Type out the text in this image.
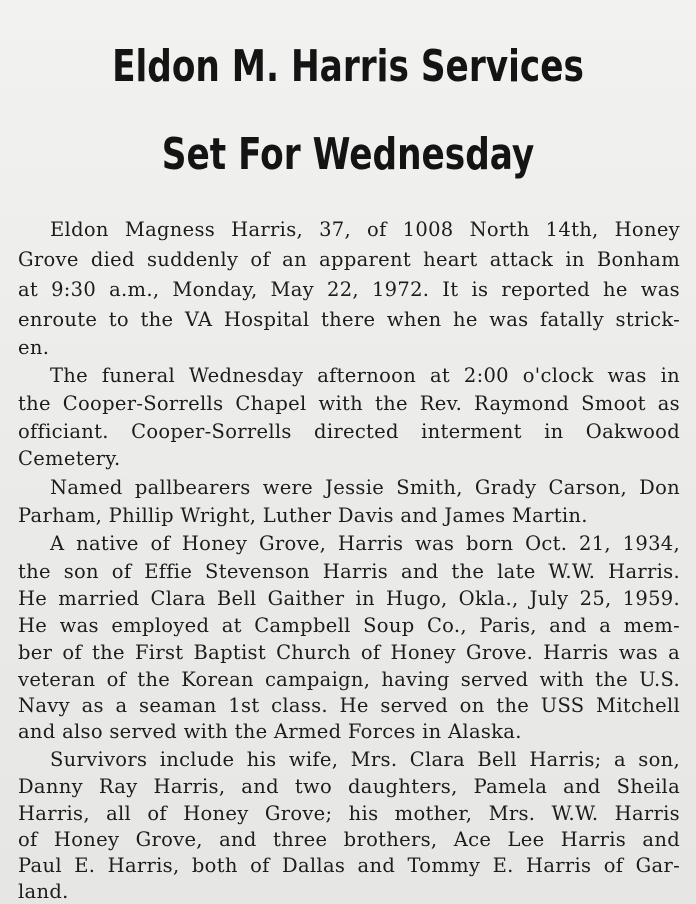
Eldon M. Harris Services
Set For Wednesday
Eldon Magness Harris, 37, of 1008 North 14th, Honey
Grove died suddenly of an apparent heart attack in Bonham
at 9:30 a.m., Monday, May 22, 1972. It is reported he was
enroute to the VA Hospital there when he was fatally strick-
en.
The funeral Wednesday afternoon at 2:00 o'clock was in
the Cooper-Sorrells Chapel with the Rev. Raymond Smoot as
officiant. Cooper-Sorrells directed interment in Oakwood
Cemetery.
Named pallbearers were Jessie Smith, Grady Carson, Don
Parham, Phillip Wright, Luther Davis and James Martin.
A native of Honey Grove, Harris was born Oct. 21, 1934,
the son of Effie Stevenson Harris and the late W.W. Harris.
He married Clara Bell Gaither in Hugo, Okla., July 25, 1959.
He was employed at Campbell Soup Co., Paris, and a mem-
ber of the First Baptist Church of Honey Grove. Harris was a
veteran of the Korean campaign, having served with the U.S.
Navy as a seaman 1st class. He served on the USS Mitchell
and also served with the Armed Forces in Alaska.
Survivors include his wife, Mrs. Clara Bell Harris; a son,
Danny Ray Harris, and two daughters, Pamela and Sheila
Harris, all of Honey Grove; his mother, Mrs. W.W. Harris
of Honey Grove, and three brothers, Ace Lee Harris and
Paul E. Harris, both of Dallas and Tommy E. Harris of Gar-
land.
